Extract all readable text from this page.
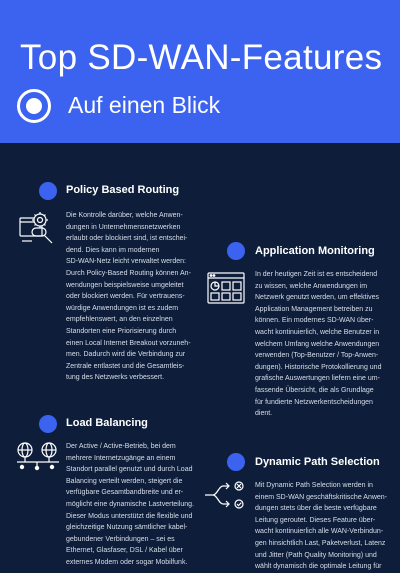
Top SD-WAN-Features
Auf einen Blick
Policy Based Routing

Die Kontrolle darüber, welche Anwen-

dungen in Unternehmensnetzwerken

erlaubt oder blockiert sind, ist entschei-

dend. Dies kann im modernen

SD-WAN-Netz leicht verwaltet werden:

Durch Policy-Based Routing können An-

wendungen beispielsweise umgeleitet

oder blockiert werden. Für vertrauens-

würdige Anwendungen ist es zudem

empfehlenswert, an den einzelnen

Standorten eine Priorisierung durch

einen Local Internet Breakout vorzuneh-

men. Dadurch wird die Verbindung zur

Zentrale entlastet und die Gesamtleis-

tung des Netzwerks verbessert.

Application Monitoring

In der heutigen Zeit ist es entscheidend

zu wissen, welche Anwendungen im

Netzwerk genutzt werden, um effektives

Application Management betreiben zu

können. Ein modernes SD-WAN über-

wacht kontinuierlich, welche Benutzer in

welchem Umfang welche Anwendungen

verwenden (Top-Benutzer / Top-Anwen-

dungen). Historische Protokollierung und

grafische Auswertungen liefern eine um-

fassende Übersicht, die als Grundlage

für fundierte Netzwerkentscheidungen

dient.

Load Balancing

Der Active / Active-Betrieb, bei dem

mehrere Internetzugänge an einem

Standort parallel genutzt und durch Load

Balancing verteilt werden, steigert die

verfügbare Gesamtbandbreite und er-

möglicht eine dynamische Lastverteilung.

Dieser Modus unterstützt die flexible und

gleichzeitige Nutzung sämtlicher kabel-

gebundener Verbindungen – sei es

Ethernet, Glasfaser, DSL / Kabel über

externes Modem oder sogar Mobilfunk.

Dynamic Path Selection

Mit Dynamic Path Selection werden in

einem SD-WAN geschäftskritische Anwen-

dungen stets über die beste verfügbare

Leitung geroutet. Dieses Feature über-

wacht kontinuierlich alle WAN-Verbindun-

gen hinsichtlich Last, Paketverlust, Latenz

und Jitter (Path Quality Monitoring) und

wählt dynamisch die optimale Leitung für
